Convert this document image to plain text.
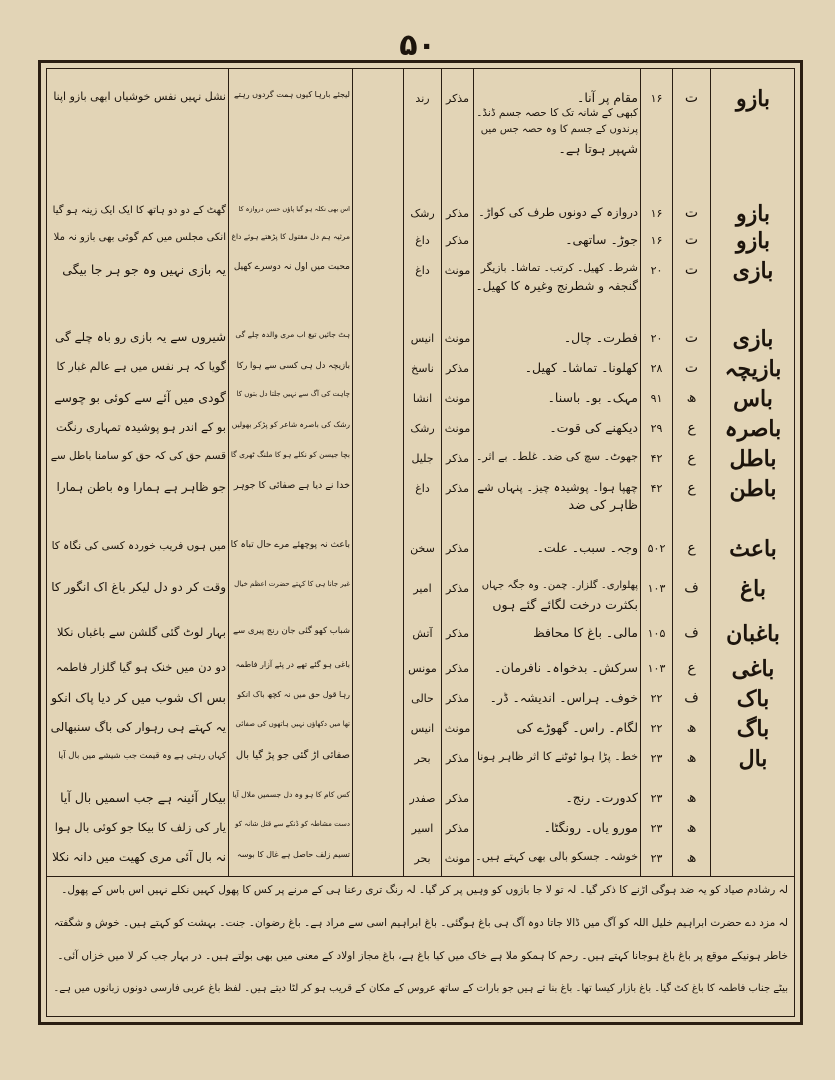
۵۰
بازو
ت
۱۶
مقام پر آنا۔
کبھی کے شانہ تک کا حصہ جسم ڈنڈ۔
پرندوں کے جسم کا وہ حصہ جس میں
شہپر ہوتا ہے۔
مذکر
رند
لیجئے بارہا کیوں ہمت گردوں رہتے
نشل نہیں نفس خوشیاں ابھی بازو اپنا
بازو
ت
۱۶
دروازہ کے دونوں طرف کی کواڑ۔
مذکر
رشک
اس بھی نکلہ ہو گیا پاؤں حسن دروازہ کا
گھٹ کے دو دو ہاتھ کا ایک ایک زینہ ہو گیا
بازو
ت
۱۶
جوڑ۔ ساتھی۔
مذکر
داغ
مرثیہ ہم دل مقتول کا پڑھتے ہوئے داغ
انکی مجلس میں کم گوئی بھی بازو نہ ملا
بازی
ت
۲۰
شرط۔ کھیل۔ کرتب۔ تماشا۔ بازیگر
گنجفہ و شطرنج وغیرہ کا کھیل۔
مونث
داغ
محبت میں اول نہ دوسرے کھیل
یہ بازی نہیں وہ جو ہر جا بیگی
بازی
ت
۲۰
فطرت۔ چال۔
مونث
انیس
ہٹ جائیں تیغ اب مری والدہ چلے گی
شیروں سے یہ بازی رو باہ چلے گی
بازیچہ
ت
۲۸
کھلونا۔ تماشا۔ کھیل۔
مذکر
ناسخ
بازیچہ دل ہی کسی سے ہوا رکا
گویا کہ ہر نفس میں ہے عالم غبار کا
باس
ھ
۹۱
مہک۔ بو۔ باسنا۔
مونث
انشا
چاہت کی آگ سے نہیں جلتا دل بتوں کا
گودی میں آئے سے کوئی بو چوسے
باصرہ
ع
۲۹
دیکھنے کی قوت۔
مونث
رشک
رشک کی باصرہ شاعر کو پڑکر بھولیں
بو کے اندر ہو پوشیدہ تمہاری رنگت
باطل
ع
۴۲
جھوٹ۔ سچ کی ضد۔ غلط۔ بے اثر۔
مذکر
جلیل
بچا جیسن کو نکلے ہو کا ملنگ ٹھری گا
قسم حق کی کہ حق کو سامنا باطل سے
باطن
ع
۴۲
چھپا ہوا۔ پوشیدہ چیز۔ پنہاں شے
ظاہر کی ضد
مذکر
داغ
خدا نے دیا ہے صفائی کا جوہر
جو ظاہر ہے ہمارا وہ باطن ہمارا
باعث
ع
۵۰۲
وجہ۔ سبب۔ علت۔
مذکر
سخن
باعث نہ پوچھئے مرے حال تباہ کا
میں ہوں فریب خوردہ کسی کی نگاہ کا
باغ
ف
۱۰۳
پھلواری۔ گلزار۔ چمن۔ وہ جگہ جہاں
بکثرت درخت لگائے گئے ہوں
مذکر
امیر
غیر جانا ہی کا کہتے حضرت اعظم خیال
وقت کر دو دل لیکر باغ اک انگور کا
باغبان
ف
۱۰۵
مالی۔ باغ کا محافظ
مذکر
آتش
شباب کھو گئی جان رنج پیری سے
بہار لوٹ گئی گلشن سے باغباں نکلا
باغی
ع
۱۰۳
سرکش۔ بدخواہ۔ نافرمان۔
مذکر
مونس
باغی ہو گئے تھے در پئے آزار فاطمہ
دو دن میں خنک ہو گیا گلزار فاطمہ
باک
ف
۲۲
خوف۔ ہراس۔ اندیشہ۔ ڈر۔
مذکر
حالی
رہا قول حق میں نہ کچھ باک انکو
بس اک شوب میں کر دیا پاک انکو
باگ
ھ
۲۲
لگام۔ راس۔ گھوڑے کی
مونث
انیس
تھا میں دکھاؤں نہیں ہاتھوں کی صفائی
یہ کہتے ہی رہوار کی باگ سنبھالی
بال
ھ
۲۳
خط۔ پڑا ہوا ٹوٹنے کا اثر ظاہر ہونا
مذکر
بحر
صفائی اڑ گئی جو پڑ گیا بال
کہاں رہتی ہے وہ قیمت جب شیشے میں بال آیا
ھ
۲۳
کدورت۔ رنج۔
مذکر
صفدر
کس کام کا ہو وہ دل جسمیں ملال آیا
بیکار آئینہ ہے جب اسمیں بال آیا
ھ
۲۳
مورو یاں۔ رونگٹا۔
مذکر
اسیر
دست مشاطہ کو ڈنکے سے قتل شانہ کو
یار کی زلف کا بیکا جو کوئی بال ہوا
ھ
۲۳
خوشہ۔ جسکو بالی بھی کہتے ہیں۔
مونث
بحر
تسیم زلف حاصل ہے غال کا بوسہ
نہ بال آئی مری کھیت میں دانہ نکلا
لہ رشادم صیاد کو یہ ضد ہوگی اڑنے کا ذکر گیا۔ لہ تو لا جا بازوں کو وہیں پر کر گیا۔ لہ رنگ تری رعنا ہی کے مرنے پر کس کا پھول کہیں نکلے نہیں اس باس کے پھول۔
لہ مزد دے حضرت ابراہیم خلیل اللہ کو آگ میں ڈالا جاتا دوہ آگ ہی باغ ہوگئی۔ باغ ابراہیم اسی سے مراد ہے۔ باغ رضوان۔ جنت۔ بہشت کو کہتے ہیں۔ خوش و شگفتہ
خاطر ہونیکے موقع پر باغ باغ ہوجانا کہتے ہیں۔ رحم کا ہمکو ملا ہے خاک میں کیا باغ ہے، باغ مجاز اولاد کے معنی میں بھی بولتے ہیں۔ در بہار جب کر لا میں خزاں آئی۔
بیٹے جناب فاطمہ کا باغ کٹ گیا۔ باغ بازار کیسا تھا۔ باغ بنا تے ہیں جو بارات کے ساتھ عروس کے مکان کے قریب ہو کر لٹا دیتے ہیں۔ لفظ باغ عربی فارسی دونوں زبانوں میں ہے۔
